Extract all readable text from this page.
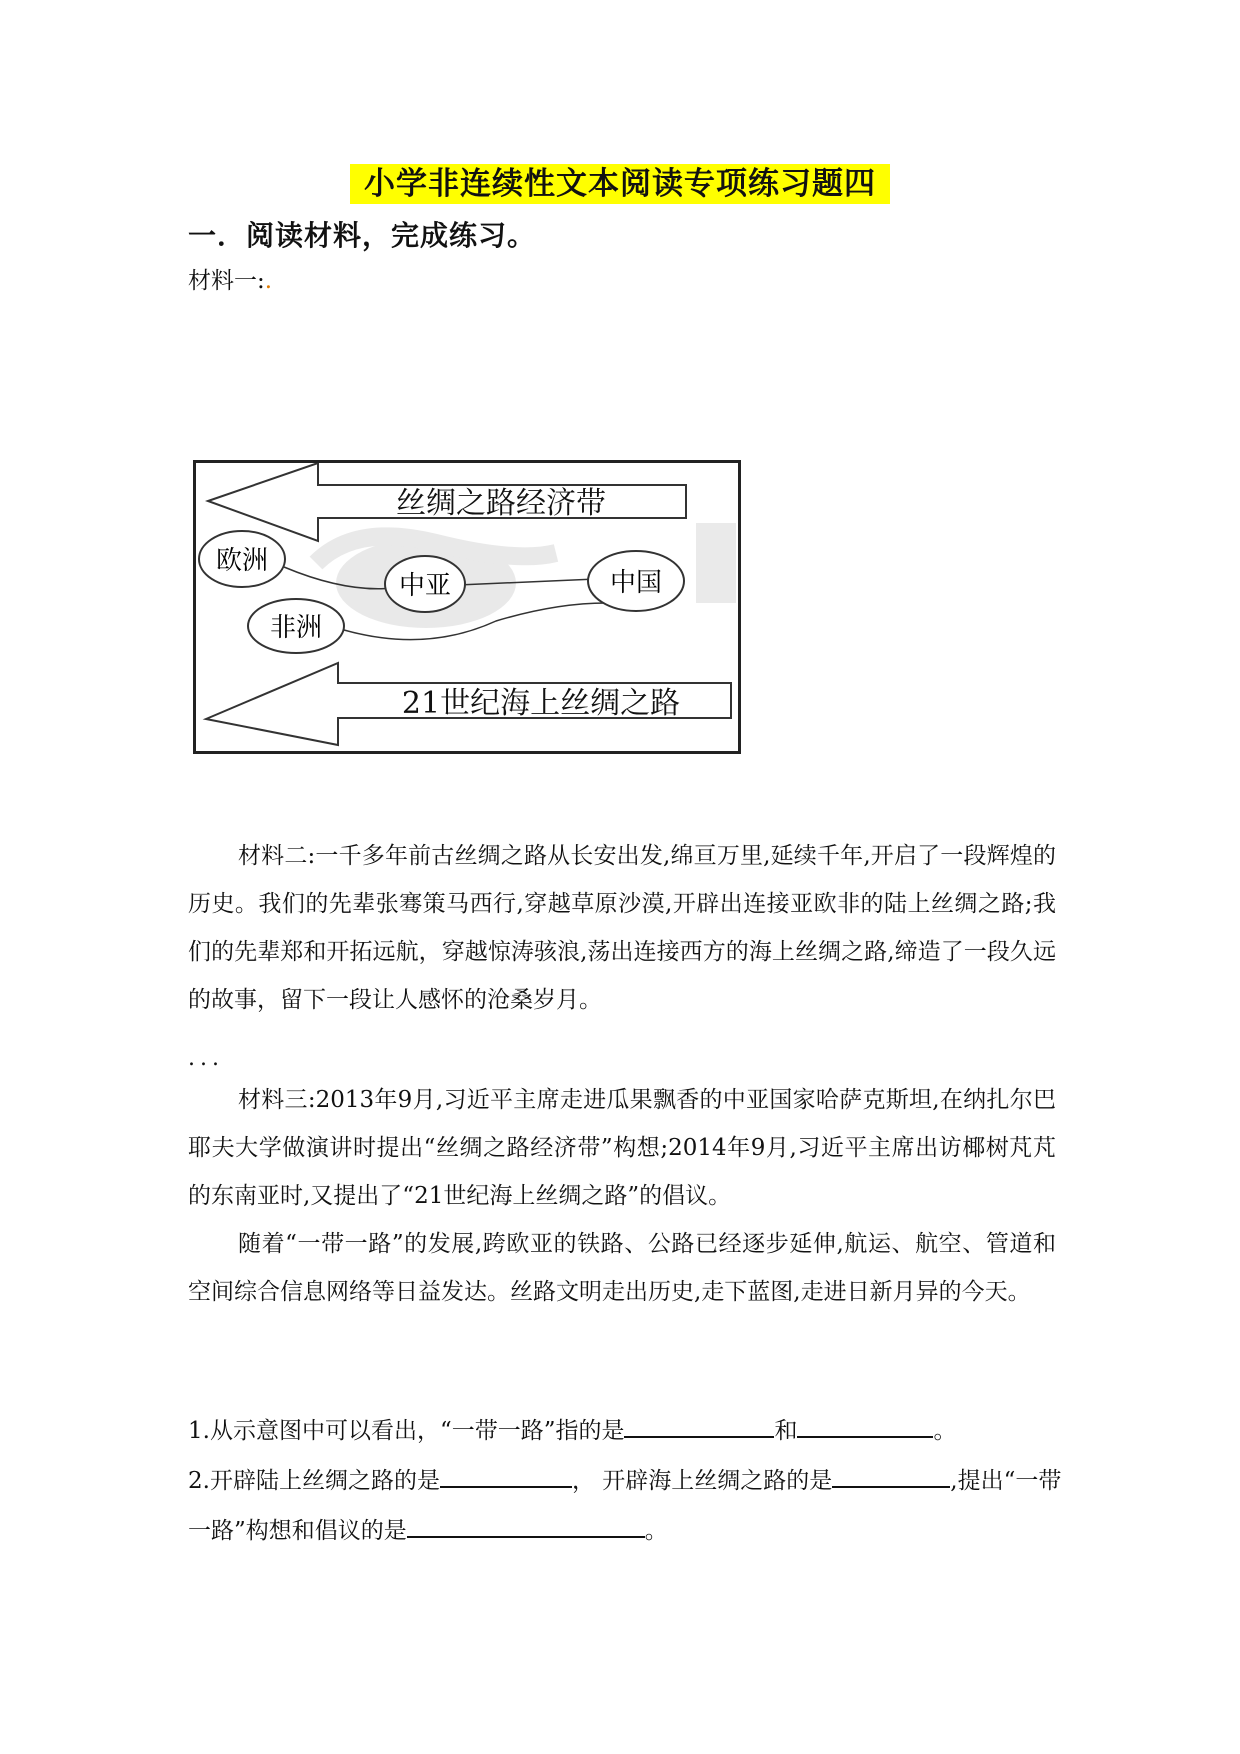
小学非连续性文本阅读专项练习题四
一．阅读材料，完成练习。
材料一:.
丝绸之路经济带
21世纪海上丝绸之路
欧洲
中亚	中国
非洲

材料二:一千多年前古丝绸之路从长安出发,绵亘万里,延续千年,开启了一段辉煌的历史。我们的先辈张骞策马西行,穿越草原沙漠,开辟出连接亚欧非的陆上丝绸之路;我们的先辈郑和开拓远航，穿越惊涛骇浪,荡出连接西方的海上丝绸之路,缔造了一段久远的故事，留下一段让人感怀的沧桑岁月。

...

材料三:2013年9月,习近平主席走进瓜果飘香的中亚国家哈萨克斯坦,在纳扎尔巴耶夫大学做演讲时提出“丝绸之路经济带”构想;2014年9月,习近平主席出访椰树芃芃的东南亚时,又提出了“21世纪海上丝绸之路”的倡议。

随着“一带一路”的发展,跨欧亚的铁路、公路已经逐步延伸,航运、航空、管道和空间综合信息网络等日益发达。丝路文明走出历史,走下蓝图,走进日新月异的今天。

1.从示意图中可以看出，“一带一路”指的是	和	。

2.开辟陆上丝绸之路的是	， 开辟海上丝绸之路的是	,提出“一带一路”构想和倡议的是	。
